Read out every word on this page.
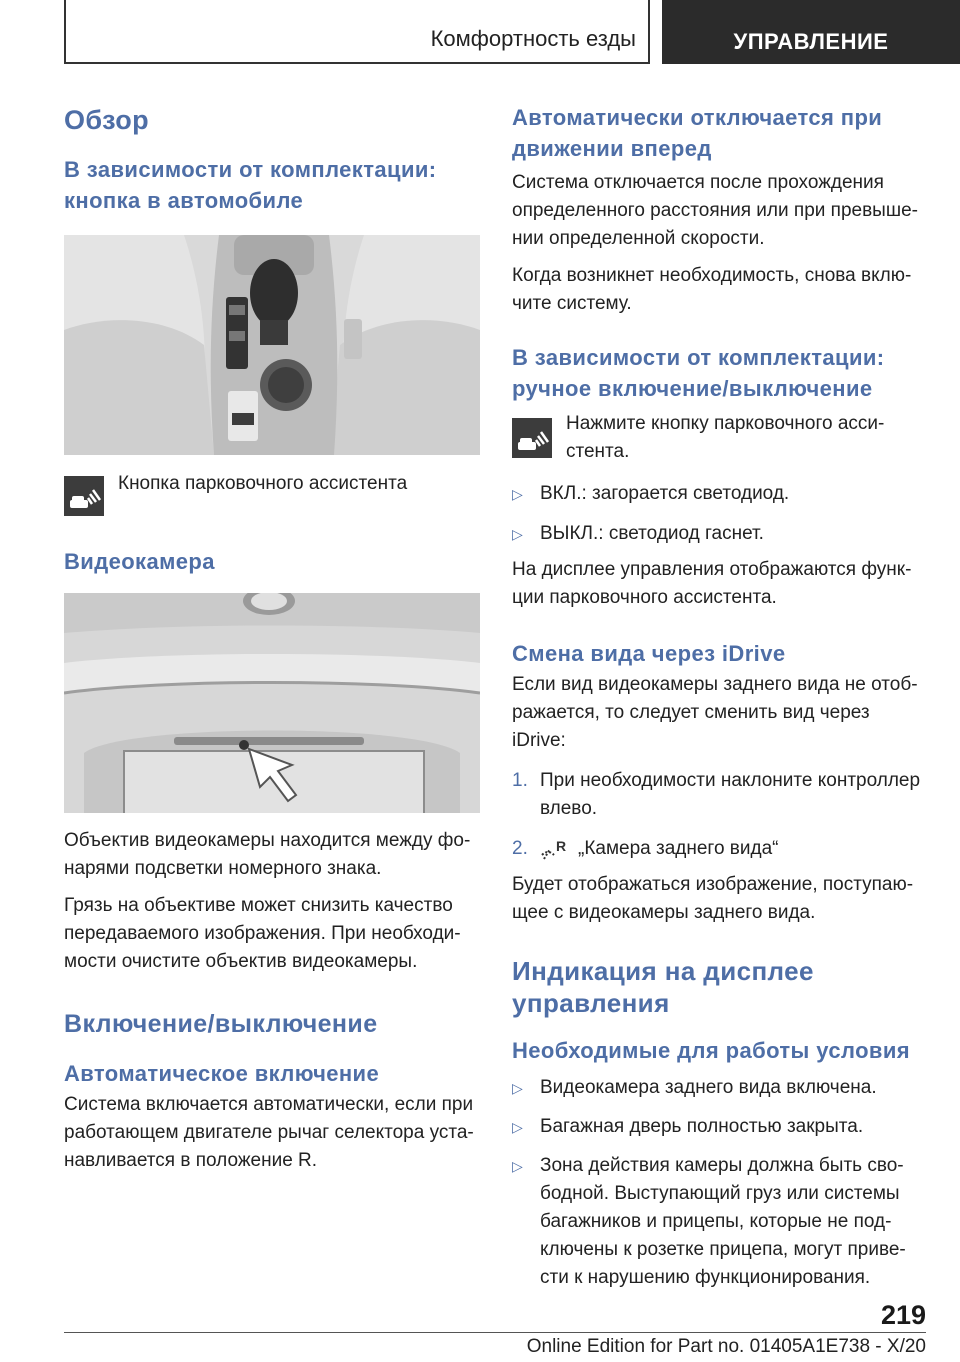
Комфортность езды	УПРАВЛЕНИЕ
Обзор
В зависимости от комплектации: кнопка в автомобиле
Кнопка парковочного ассистента
Видеокамера
Объектив видеокамеры находится между фо-нарями подсветки номерного знака.
Грязь на объективе может снизить качество передаваемого изображения. При необходи-мости очистите объектив видеокамеры.
Включение/выключение
Автоматическое включение
Система включается автоматически, если при работающем двигателе рычаг селектора уста-навливается в положение R.
Автоматически отключается при движении вперед
Система отключается после прохождения определенного расстояния или при превыше-нии определенной скорости.
Когда возникнет необходимость, снова вклю-чите систему.
В зависимости от комплектации: ручное включение/выключение
Нажмите кнопку парковочного асси-стента.
▷ ВКЛ.: загорается светодиод.
▷ ВЫКЛ.: светодиод гаснет.
На дисплее управления отображаются функ-ции парковочного ассистента.
Смена вида через iDrive
Если вид видеокамеры заднего вида не отоб-ражается, то следует сменить вид через iDrive:
1. При необходимости наклоните контроллер влево.
2.	R „Камера заднего вида“
Будет отображаться изображение, поступаю-щее с видеокамеры заднего вида.
Индикация на дисплее управления
Необходимые для работы условия
▷ Видеокамера заднего вида включена.
▷ Багажная дверь полностью закрыта.
▷ Зона действия камеры должна быть сво-бодной. Выступающий груз или системы багажников и прицепы, которые не под-ключены к розетке прицепа, могут приве-сти к нарушению функционирования.
219
Online Edition for Part no. 01405A1E738 - X/20
